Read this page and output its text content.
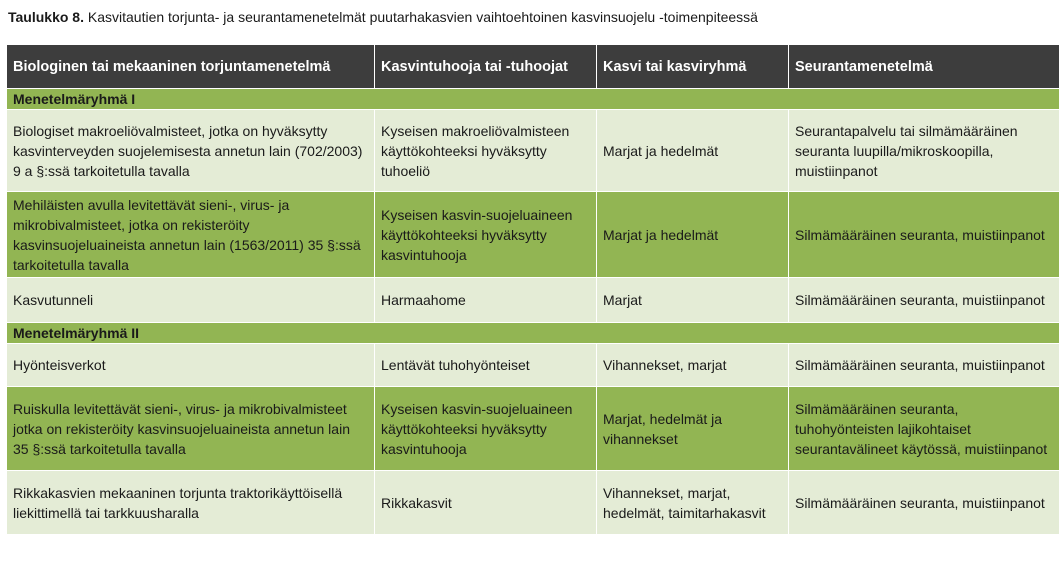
Taulukko 8. Kasvitautien torjunta- ja seurantamenetelmät puutarhakasvien vaihtoehtoinen kasvinsuojelu -toimenpiteessä
Biologinen tai mekaaninen torjuntamenetelmä	Kasvintuhooja tai -tuhoojat	Kasvi tai kasviryhmä	Seurantamenetelmä
Menetelmäryhmä I			
Biologiset makroeliövalmisteet, jotka on hyväksytty kasvinterveyden suojelemisesta annetun lain (702/2003) 9 a §:ssä tarkoitetulla tavalla	Kyseisen makroeliövalmisteen käyttökohteeksi hyväksytty tuhoeliö	Marjat ja hedelmät	Seurantapalvelu tai silmämääräinen seuranta luupilla/mikroskoopilla, muistiinpanot
Mehiläisten avulla levitettävät sieni-, virus- ja mikrobivalmisteet, jotka on rekisteröity kasvinsuojeluaineista annetun lain (1563/2011) 35 §:ssä tarkoitetulla tavalla	Kyseisen kasvin-suojeluaineen käyttökohteeksi hyväksytty kasvintuhooja	Marjat ja hedelmät	Silmämääräinen seuranta, muistiinpanot
Kasvutunneli	Harmaahome	Marjat	Silmämääräinen seuranta, muistiinpanot
Menetelmäryhmä II			
Hyönteisverkot	Lentävät tuhohyönteiset	Vihannekset, marjat	Silmämääräinen seuranta, muistiinpanot
Ruiskulla levitettävät sieni-, virus- ja mikrobivalmisteet jotka on rekisteröity kasvinsuojeluaineista annetun lain 35 §:ssä tarkoitetulla tavalla	Kyseisen kasvin-suojeluaineen käyttökohteeksi hyväksytty kasvintuhooja	Marjat, hedelmät ja vihannekset	Silmämääräinen seuranta, tuhohyönteisten lajikohtaiset seurantavälineet käytössä, muistiinpanot
Rikkakasvien mekaaninen torjunta traktorikäyttöisellä liekittimellä tai tarkkuusharalla	Rikkakasvit	Vihannekset, marjat, hedelmät, taimitarhakasvit	Silmämääräinen seuranta, muistiinpanot
